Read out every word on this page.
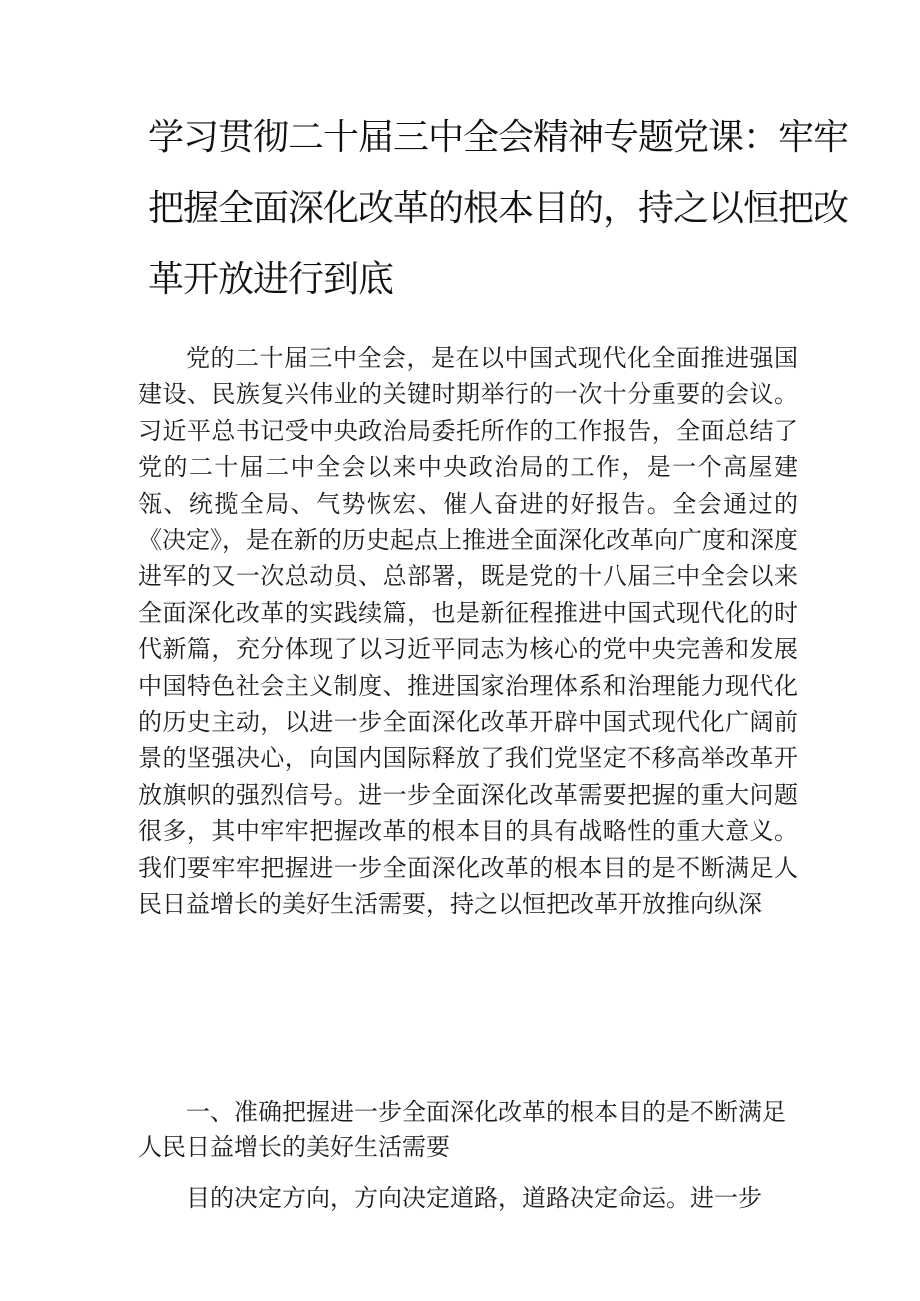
学习贯彻二十届三中全会精神专题党课：牢牢
把握全面深化改革的根本目的，持之以恒把改
革开放进行到底

党的二十届三中全会，是在以中国式现代化全面推进强国建设、民族复兴伟业的关键时期举行的一次十分重要的会议。习近平总书记受中央政治局委托所作的工作报告，全面总结了党的二十届二中全会以来中央政治局的工作，是一个高屋建瓴、统揽全局、气势恢宏、催人奋进的好报告。全会通过的《决定》，是在新的历史起点上推进全面深化改革向广度和深度进军的又一次总动员、总部署，既是党的十八届三中全会以来全面深化改革的实践续篇，也是新征程推进中国式现代化的时代新篇，充分体现了以习近平同志为核心的党中央完善和发展中国特色社会主义制度、推进国家治理体系和治理能力现代化的历史主动，以进一步全面深化改革开辟中国式现代化广阔前景的坚强决心，向国内国际释放了我们党坚定不移高举改革开放旗帜的强烈信号。进一步全面深化改革需要把握的重大问题很多，其中牢牢把握改革的根本目的具有战略性的重大意义。我们要牢牢把握进一步全面深化改革的根本目的是不断满足人民日益增长的美好生活需要，持之以恒把改革开放推向纵深

一、准确把握进一步全面深化改革的根本目的是不断满足人民日益增长的美好生活需要

目的决定方向，方向决定道路，道路决定命运。进一步
